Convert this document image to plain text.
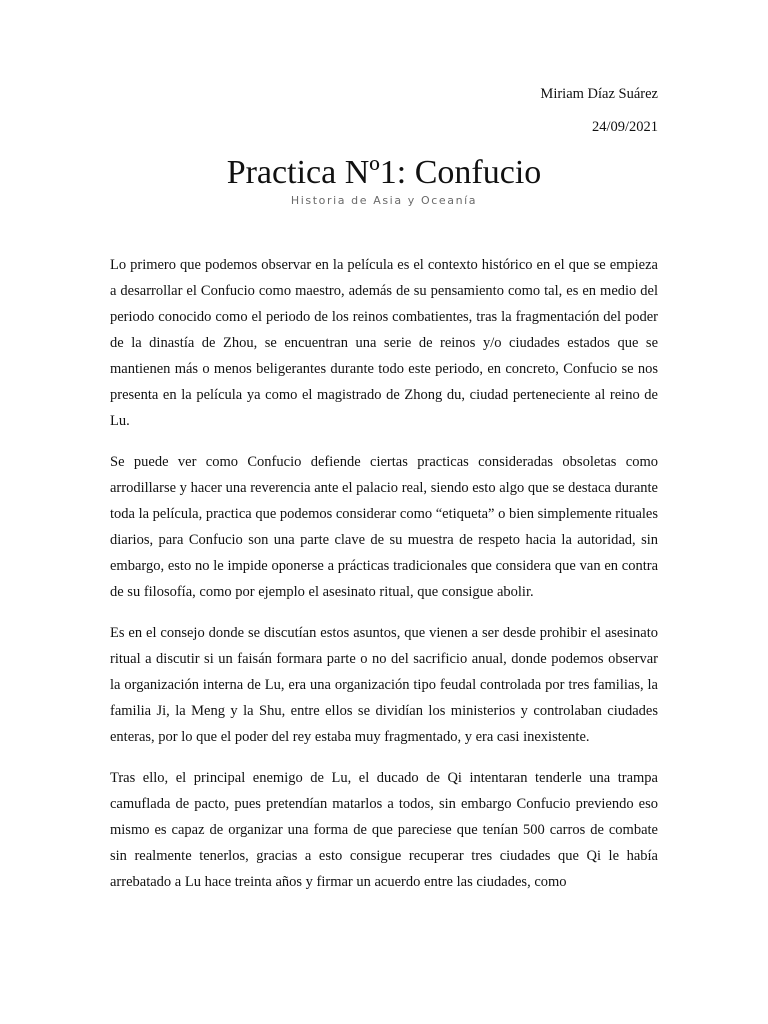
Miriam Díaz Suárez
24/09/2021
Practica Nº1: Confucio
Historia de Asia y Oceanía

Lo primero que podemos observar en la película es el contexto histórico en el que se empieza a desarrollar el Confucio como maestro, además de su pensamiento como tal, es en medio del periodo conocido como el periodo de los reinos combatientes, tras la fragmentación del poder de la dinastía de Zhou, se encuentran una serie de reinos y/o ciudades estados que se mantienen más o menos beligerantes durante todo este periodo, en concreto, Confucio se nos presenta en la película ya como el magistrado de Zhong du, ciudad perteneciente al reino de Lu.

Se puede ver como Confucio defiende ciertas practicas consideradas obsoletas como arrodillarse y hacer una reverencia ante el palacio real, siendo esto algo que se destaca durante toda la película, practica que podemos considerar como “etiqueta” o bien simplemente rituales diarios, para Confucio son una parte clave de su muestra de respeto hacia la autoridad, sin embargo, esto no le impide oponerse a prácticas tradicionales que considera que van en contra de su filosofía, como por ejemplo el asesinato ritual, que consigue abolir.

Es en el consejo donde se discutían estos asuntos, que vienen a ser desde prohibir el asesinato ritual a discutir si un faisán formara parte o no del sacrificio anual, donde podemos observar la organización interna de Lu, era una organización tipo feudal controlada por tres familias, la familia Ji, la Meng y la Shu, entre ellos se dividían los ministerios y controlaban ciudades enteras, por lo que el poder del rey estaba muy fragmentado, y era casi inexistente.

Tras ello, el principal enemigo de Lu, el ducado de Qi intentaran tenderle una trampa camuflada de pacto, pues pretendían matarlos a todos, sin embargo Confucio previendo eso mismo es capaz de organizar una forma de que pareciese que tenían 500 carros de combate sin realmente tenerlos, gracias a esto consigue recuperar tres ciudades que Qi le había arrebatado a Lu hace treinta años y firmar un acuerdo entre las ciudades, como
